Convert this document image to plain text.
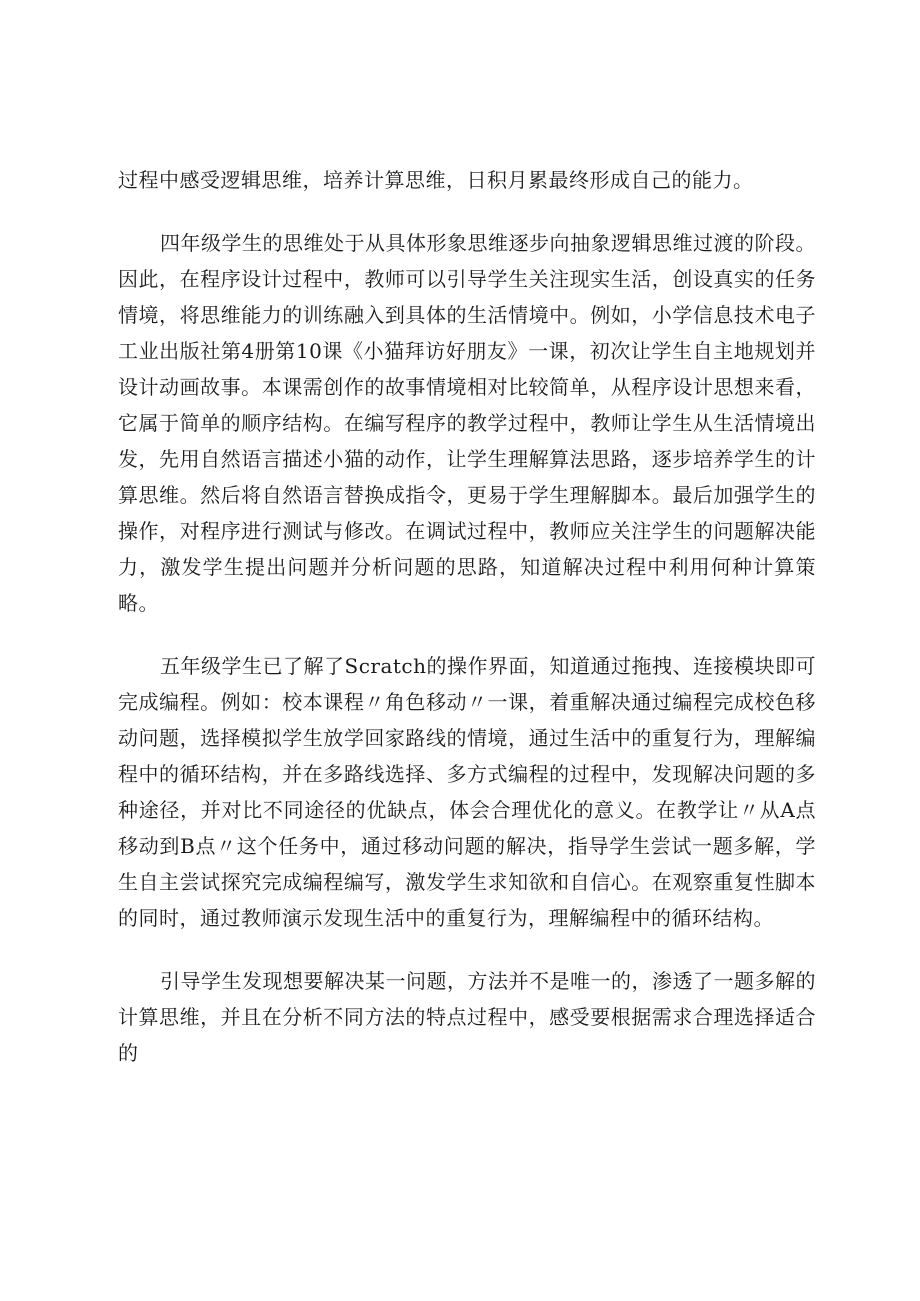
过程中感受逻辑思维，培养计算思维，日积月累最终形成自己的能力。

四年级学生的思维处于从具体形象思维逐步向抽象逻辑思维过渡的阶段。因此，在程序设计过程中，教师可以引导学生关注现实生活，创设真实的任务情境，将思维能力的训练融入到具体的生活情境中。例如，小学信息技术电子工业出版社第4册第10课《小猫拜访好朋友》一课，初次让学生自主地规划并设计动画故事。本课需创作的故事情境相对比较简单，从程序设计思想来看，它属于简单的顺序结构。在编写程序的教学过程中，教师让学生从生活情境出发，先用自然语言描述小猫的动作，让学生理解算法思路，逐步培养学生的计算思维。然后将自然语言替换成指令，更易于学生理解脚本。最后加强学生的操作，对程序进行测试与修改。在调试过程中，教师应关注学生的问题解决能力，激发学生提出问题并分析问题的思路，知道解决过程中利用何种计算策略。

五年级学生已了解了Scratch的操作界面，知道通过拖拽、连接模块即可完成编程。例如：校本课程〃角色移动〃一课，着重解决通过编程完成校色移动问题，选择模拟学生放学回家路线的情境，通过生活中的重复行为，理解编程中的循环结构，并在多路线选择、多方式编程的过程中，发现解决问题的多种途径，并对比不同途径的优缺点，体会合理优化的意义。在教学让〃从A点移动到B点〃这个任务中，通过移动问题的解决，指导学生尝试一题多解，学生自主尝试探究完成编程编写，激发学生求知欲和自信心。在观察重复性脚本的同时，通过教师演示发现生活中的重复行为，理解编程中的循环结构。

引导学生发现想要解决某一问题，方法并不是唯一的，渗透了一题多解的计算思维，并且在分析不同方法的特点过程中，感受要根据需求合理选择适合的
